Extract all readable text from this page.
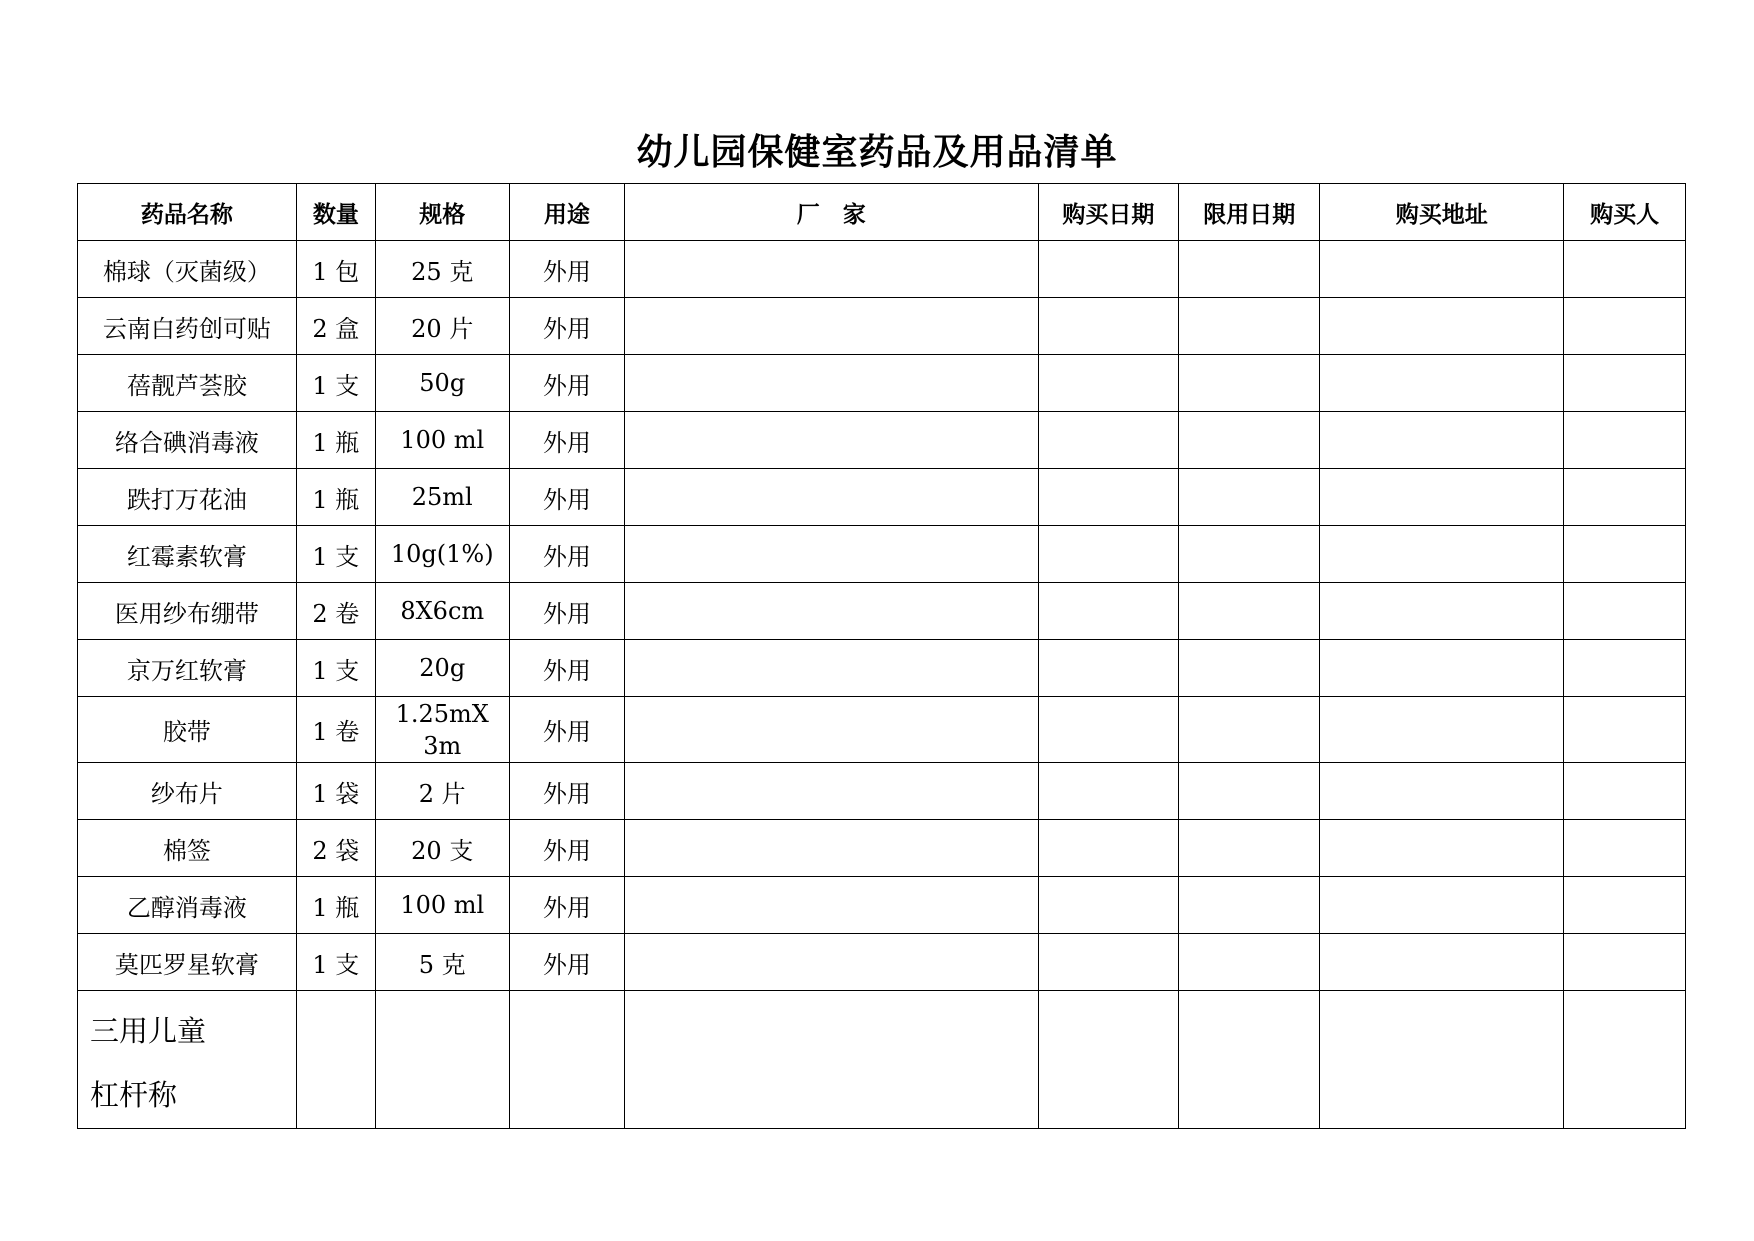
幼儿园保健室药品及用品清单
药品名称	数量	规格	用途	厂　家	购买日期	限用日期	购买地址	购买人
棉球（灭菌级）	1 包	25 克	外用					
云南白药创可贴	2 盒	20 片	外用					
蓓靓芦荟胶	1 支	50g	外用					
络合碘消毒液	1 瓶	100 ml	外用					
跌打万花油	1 瓶	25ml	外用					
红霉素软膏	1 支	10g(1%)	外用					
医用纱布绷带	2 卷	8X6cm	外用					
京万红软膏	1 支	20g	外用					
胶带	1 卷	1.25mX3m	外用					
纱布片	1 袋	2 片	外用					
棉签	2 袋	20 支	外用					
乙醇消毒液	1 瓶	100 ml	外用					
莫匹罗星软膏	1 支	5 克	外用					

三用儿童
杠杆称								
